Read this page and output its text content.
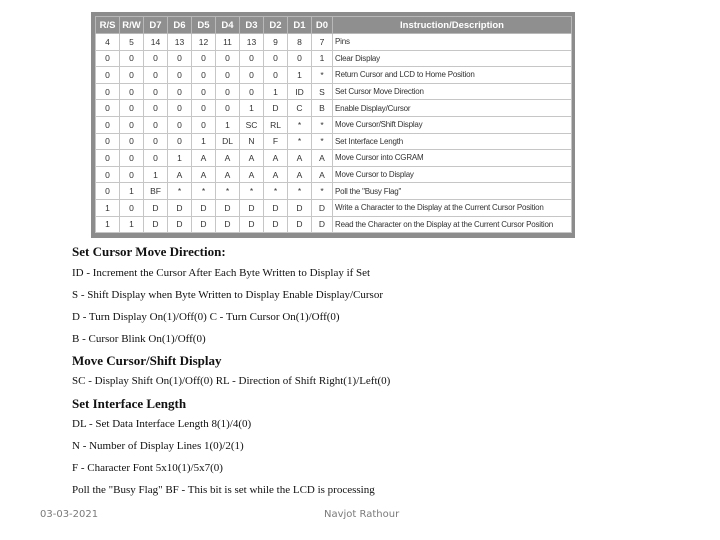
R/S	R/W	D7	D6	D5	D4	D3	D2	D1	D0	Instruction/Description
4	5	14	13	12	11	13	9	8	7	Pins
0	0	0	0	0	0	0	0	0	1	Clear Display
0	0	0	0	0	0	0	0	1	*	Return Cursor and LCD to Home Position
0	0	0	0	0	0	0	1	ID	S	Set Cursor Move Direction
0	0	0	0	0	0	1	D	C	B	Enable Display/Cursor
0	0	0	0	0	1	SC	RL	*	*	Move Cursor/Shift Display
0	0	0	0	1	DL	N	F	*	*	Set Interface Length
0	0	0	1	A	A	A	A	A	A	Move Cursor into CGRAM
0	0	1	A	A	A	A	A	A	A	Move Cursor to Display
0	1	BF	*	*	*	*	*	*	*	Poll the "Busy Flag"
1	0	D	D	D	D	D	D	D	D	Write a Character to the Display at the Current Cursor Position
1	1	D	D	D	D	D	D	D	D	Read the Character on the Display at the Current Cursor Position
Set Cursor Move Direction:
ID - Increment the Cursor After Each Byte Written to Display if Set
S - Shift Display when Byte Written to Display Enable Display/Cursor
D - Turn Display On(1)/Off(0) C - Turn Cursor On(1)/Off(0)
B - Cursor Blink On(1)/Off(0)
Move Cursor/Shift Display
SC - Display Shift On(1)/Off(0) RL - Direction of Shift Right(1)/Left(0)
Set Interface Length
DL - Set Data Interface Length 8(1)/4(0)
N - Number of Display Lines 1(0)/2(1)
F - Character Font 5x10(1)/5x7(0)
Poll the "Busy Flag" BF - This bit is set while the LCD is processing
03-03-2021	Navjot Rathour
